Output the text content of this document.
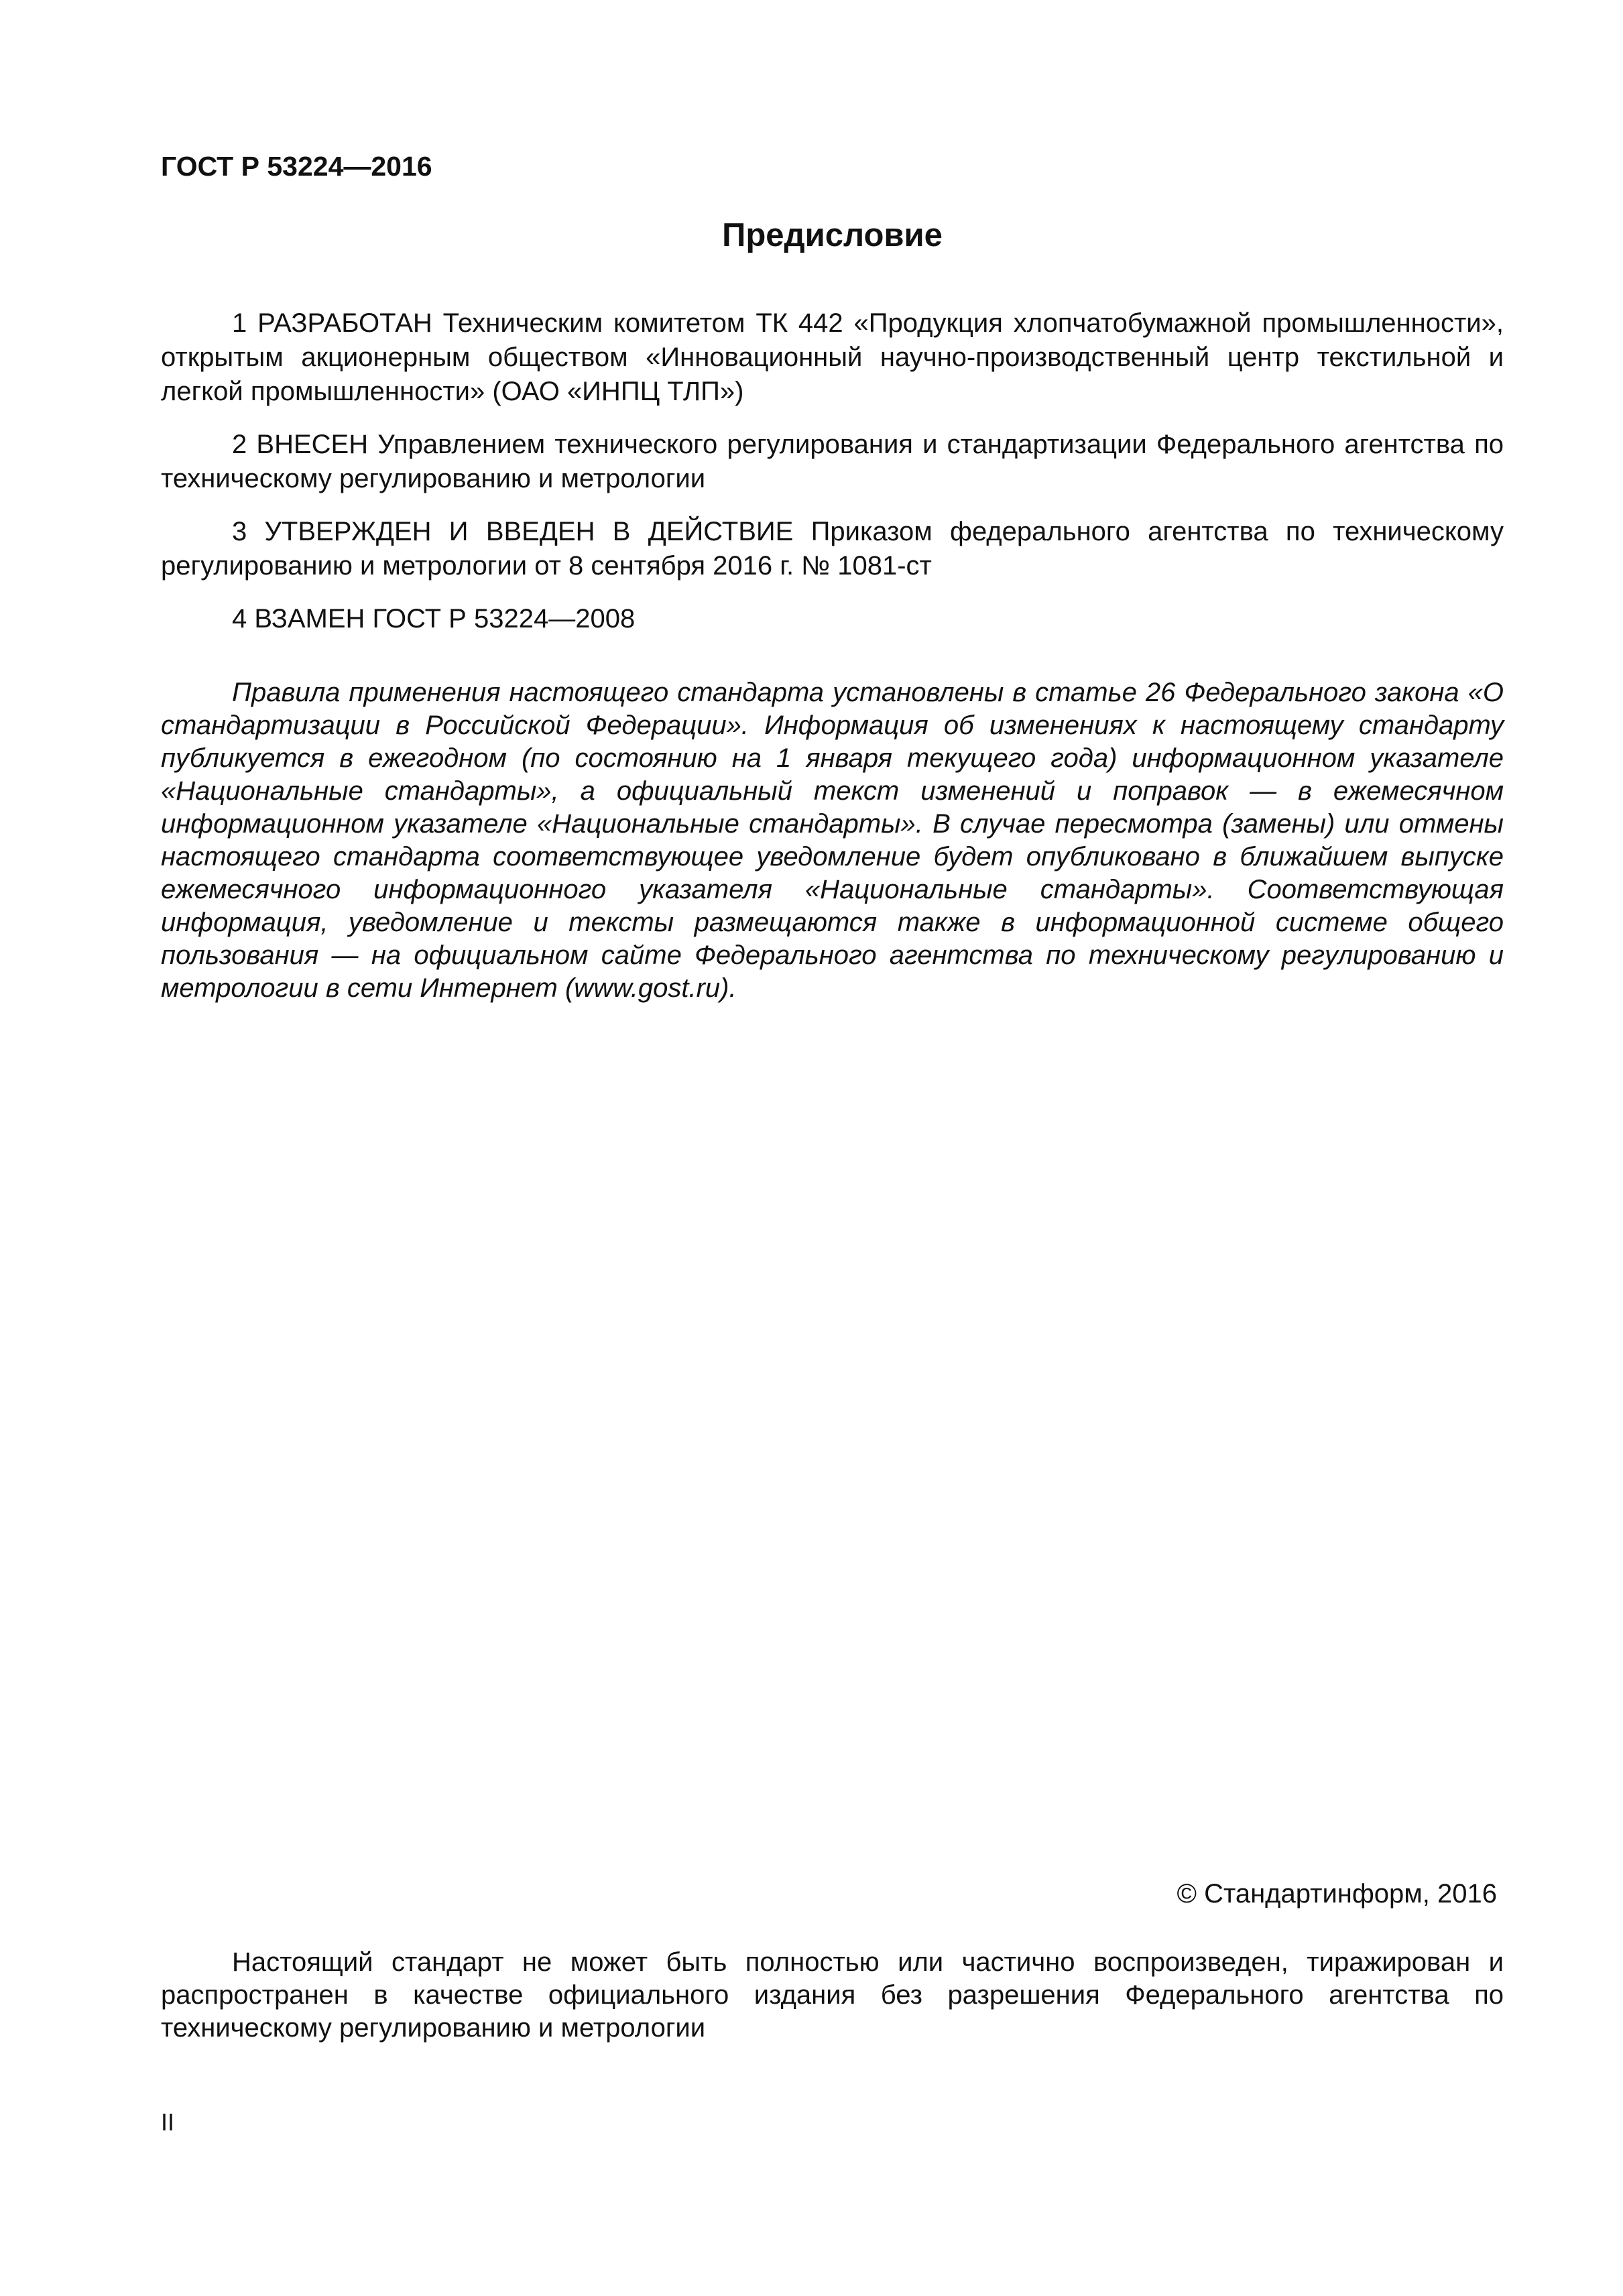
ГОСТ Р 53224—2016
Предисловие

1 РАЗРАБОТАН Техническим комитетом ТК 442 «Продукция хлопчатобумажной промышленности», открытым акционерным обществом «Инновационный научно-производственный центр текстильной и легкой промышленности» (ОАО «ИНПЦ ТЛП»)

2 ВНЕСЕН Управлением технического регулирования и стандартизации Федерального агентства по техническому регулированию и метрологии

3 УТВЕРЖДЕН И ВВЕДЕН В ДЕЙСТВИЕ Приказом федерального агентства по техническому регулированию и метрологии от 8 сентября 2016 г. № 1081-ст

4 ВЗАМЕН ГОСТ Р 53224—2008

Правила применения настоящего стандарта установлены в статье 26 Федерального закона «О стандартизации в Российской Федерации». Информация об изменениях к настоящему стандарту публикуется в ежегодном (по состоянию на 1 января текущего года) информационном указателе «Национальные стандарты», а официальный текст изменений и поправок — в ежемесячном информационном указателе «Национальные стандарты». В случае пересмотра (замены) или отмены настоящего стандарта соответствующее уведомление будет опубликовано в ближайшем выпуске ежемесячного информационного указателя «Национальные стандарты». Соответствующая информация, уведомление и тексты размещаются также в информационной системе общего пользования — на официальном сайте Федерального агентства по техническому регулированию и метрологии в сети Интернет (www.gost.ru).

© Стандартинформ, 2016

Настоящий стандарт не может быть полностью или частично воспроизведен, тиражирован и распространен в качестве официального издания без разрешения Федерального агентства по техническому регулированию и метрологии

II
